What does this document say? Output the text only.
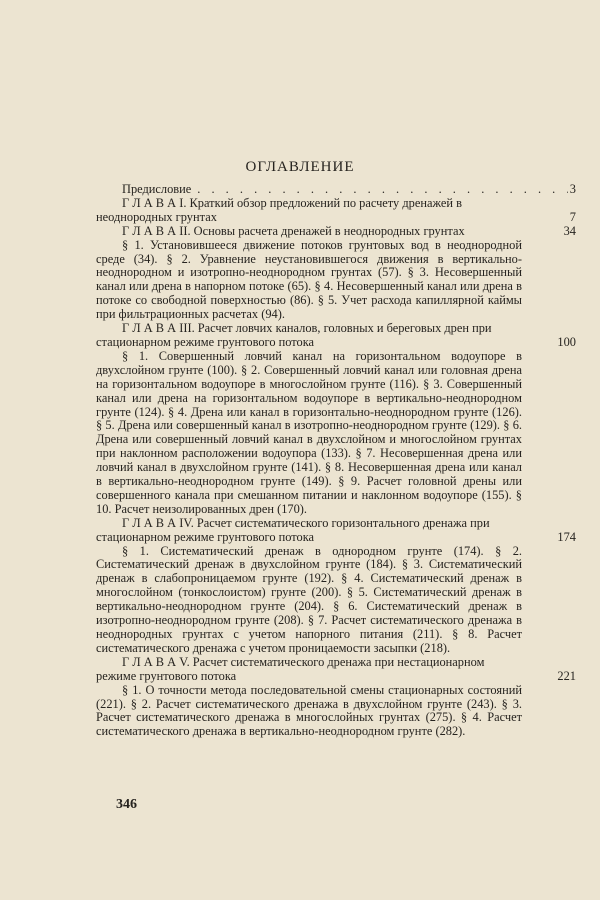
ОГЛАВЛЕНИЕ
Предисловие . . .	3
Г Л А В А I. Краткий обзор предложений по расчету дренажей в неоднородных грунтах	7
Г Л А В А II. Основы расчета дренажей в неоднородных грунтах	34

§ 1. Установившееся движение потоков грунтовых вод в неоднородной среде (34). § 2. Уравнение неустановившегося движения в вертикально-неоднородном и изотропно-неоднородном грунтах (57). § 3. Несовершенный канал или дрена в напорном потоке (65). § 4. Несовершенный канал или дрена в потоке со свободной поверхностью (86). § 5. Учет расхода капиллярной каймы при фильтрационных расчетах (94).

Г Л А В А III. Расчет ловчих каналов, головных и береговых дрен при стационарном режиме грунтового потока	100

§ 1. Совершенный ловчий канал на горизонтальном водоупоре в двухслойном грунте (100). § 2. Совершенный ловчий канал или головная дрена на горизонтальном водоупоре в многослойном грунте (116). § 3. Совершенный канал или дрена на горизонтальном водоупоре в вертикально-неоднородном грунте (124). § 4. Дрена или канал в горизонтально-неоднородном грунте (126). § 5. Дрена или совершенный канал в изотропно-неоднородном грунте (129). § 6. Дрена или совершенный ловчий канал в двухслойном и многослойном грунтах при наклонном расположении водоупора (133). § 7. Несовершенная дрена или ловчий канал в двухслойном грунте (141). § 8. Несовершенная дрена или канал в вертикально-неоднородном грунте (149). § 9. Расчет головной дрены или совершенного канала при смешанном питании и наклонном водоупоре (155). § 10. Расчет неизолированных дрен (170).

Г Л А В А IV. Расчет систематического горизонтального дренажа при стационарном режиме грунтового потока	174

§ 1. Систематический дренаж в однородном грунте (174). § 2. Систематический дренаж в двухслойном грунте (184). § 3. Систематический дренаж в слабопроницаемом грунте (192). § 4. Систематический дренаж в многослойном (тонкослоистом) грунте (200). § 5. Систематический дренаж в вертикально-неоднородном грунте (204). § 6. Систематический дренаж в изотропно-неоднородном грунте (208). § 7. Расчет систематического дренажа в неоднородных грунтах с учетом напорного питания (211). § 8. Расчет систематического дренажа с учетом проницаемости засыпки (218).

Г Л А В А V. Расчет систематического дренажа при нестационарном режиме грунтового потока	221

§ 1. О точности метода последовательной смены стационарных состояний (221). § 2. Расчет систематического дренажа в двухслойном грунте (243). § 3. Расчет систематического дренажа в многослойных грунтах (275). § 4. Расчет систематического дренажа в вертикально-неоднородном грунте (282).

346
